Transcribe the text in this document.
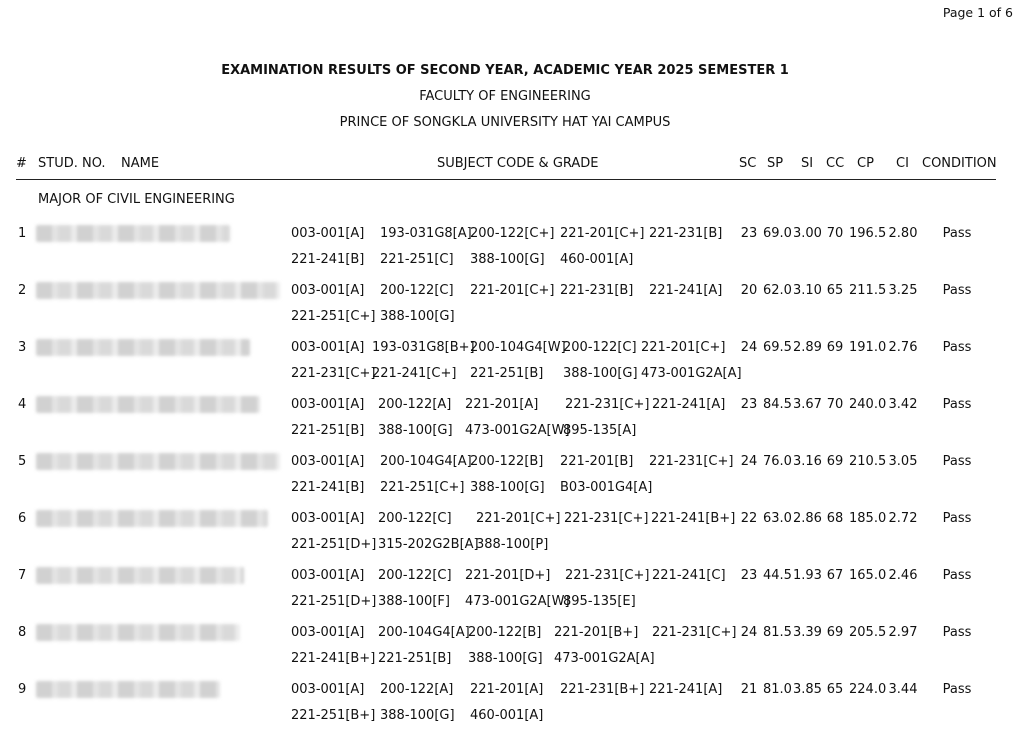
Page 1 of 6
EXAMINATION RESULTS OF SECOND YEAR, ACADEMIC YEAR 2025 SEMESTER 1
FACULTY OF ENGINEERING
PRINCE OF SONGKLA UNIVERSITY HAT YAI CAMPUS
# STUD. NO. NAME	SUBJECT CODE & GRADE	SC SP SI CC CP CI CONDITION
MAJOR OF CIVIL ENGINEERING
1	003-001[A] 193-031G8[A]
200-122[C+] 221-201[C+] 221-231[B]
221-241[B] 221-251[C] 388-100[G] 460-001[A]
23 69.0 3.00 70 196.5 2.80	Pass
2	003-001[A] 200-122[C] 221-201[C+] 221-231[B] 221-241[A]
221-251[C+] 388-100[G]
20 62.0 3.10 65 211.5 3.25	Pass
3	003-001[A] 193-031G8[B+]
200-104G4[W]
200-122[C] 221-201[C+]
221-231[C+]
221-241[C+] 221-251[B] 388-100[G] 473-001G2A[A]
24 69.5 2.89 69 191.0 2.76	Pass
4	003-001[A] 200-122[A] 221-201[A] 221-231[C+] 221-241[A]
221-251[B] 388-100[G] 473-001G2A[W]
895-135[A]
23 84.5 3.67 70 240.0 3.42	Pass
5	003-001[A] 200-104G4[A]
200-122[B] 221-201[B] 221-231[C+]
221-241[B] 221-251[C+] 388-100[G] B03-001G4[A]
24 76.0 3.16 69 210.5 3.05	Pass
6	003-001[A] 200-122[C] 221-201[C+] 221-231[C+] 221-241[B+]
221-251[D+] 315-202G2B[A]
388-100[P]
22 63.0 2.86 68 185.0 2.72	Pass
7	003-001[A] 200-122[C] 221-201[D+] 221-231[C+] 221-241[C]
221-251[D+] 388-100[F] 473-001G2A[W]
895-135[E]
23 44.5 1.93 67 165.0 2.46	Pass
8	003-001[A] 200-104G4[A]
200-122[B] 221-201[B+] 221-231[C+]
221-241[B+] 221-251[B] 388-100[G] 473-001G2A[A]
24 81.5 3.39 69 205.5 2.97	Pass
9	003-001[A] 200-122[A] 221-201[A] 221-231[B+] 221-241[A]
221-251[B+] 388-100[G] 460-001[A]
21 81.0 3.85 65 224.0 3.44	Pass
